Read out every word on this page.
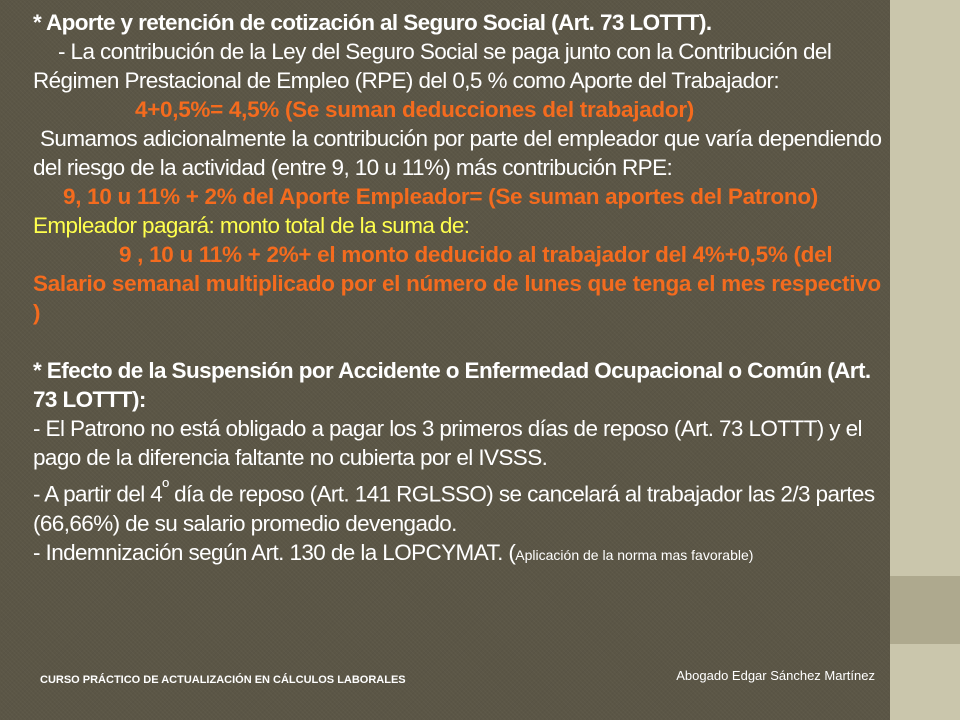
* Aporte y retención de cotización al Seguro Social (Art. 73 LOTTT).

- La contribución de la Ley del Seguro Social se paga junto con la Contribución del Régimen Prestacional de Empleo (RPE) del 0,5 % como Aporte del Trabajador:

4+0,5%= 4,5% (Se suman deducciones del trabajador)

Sumamos adicionalmente la contribución por parte del empleador que varía dependiendo del riesgo de la actividad (entre 9, 10 u 11%) más contribución RPE:

9, 10 u 11% + 2% del Aporte Empleador= (Se suman aportes del Patrono)

Empleador pagará: monto total de la suma de:

9 , 10 u 11% + 2%+ el monto deducido al trabajador del 4%+0,5% (del Salario semanal multiplicado por el número de lunes que tenga el mes respectivo )

* Efecto de la Suspensión por Accidente o Enfermedad Ocupacional o Común (Art. 73 LOTTT):

- El Patrono no está obligado a pagar los 3 primeros días de reposo (Art. 73 LOTTT) y el pago de la diferencia faltante no cubierta por el IVSSS.

- A partir del $4^º$ día de reposo (Art. 141 RGLSSO) se cancelará al trabajador las 2/3 partes (66,66%) de su salario promedio devengado.

- Indemnización según Art. 130 de la LOPCYMAT. (Aplicación de la norma mas favorable)

CURSO PRÁCTICO DE ACTUALIZACIÓN EN CÁLCULOS LABORALES	Abogado Edgar Sánchez Martínez
